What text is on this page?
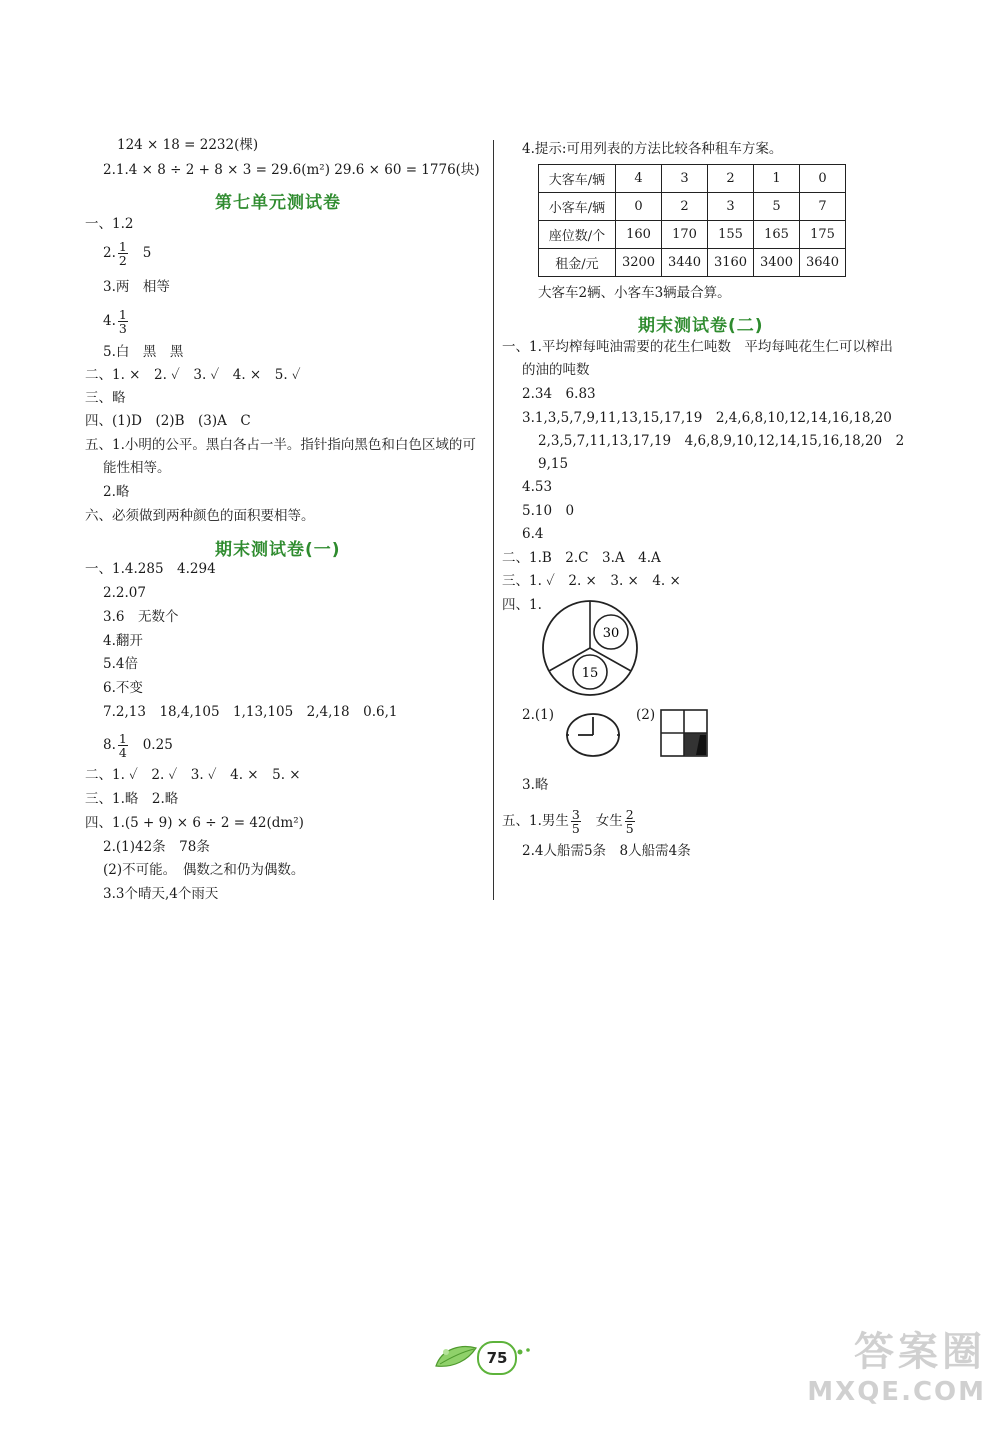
124 × 18 = 2232(棵)
2.1.4 × 8 ÷ 2 + 8 × 3 = 29.6(m²) 29.6 × 60 = 1776(块)
第七单元测试卷
一、1.2
2. $\frac{1}{2} 5$
3.两　相等
4. $\frac{1}{3}$
5.白　黑　黑
二、1. ×　2. ✓　3. ✓　4. ×　5. ✓
三、略
四、(1)D　(2)B　(3)A　C
五、1.小明的公平。黑白各占一半。指针指向黑色和白色区域的可
能性相等。
2.略
六、必须做到两种颜色的面积要相等。
期末测试卷(一)
一、1.4.285　4.294
2.2.07
3.6　无数个
4.翻开
5.4倍
6.不变
7.2,13　18,4,105　1,13,105　2,4,18　0.6,1
8. $\frac{1}{4} 0.25$
二、1. ✓　2. ✓　3. ✓　4. ×　5. ×
三、1.略　2.略
四、1.(5 + 9) × 6 ÷ 2 = 42(dm²)
2.(1)42条　78条
(2)不可能。　偶数之和仍为偶数。
3.3个晴天,4个雨天
4.提示:可用列表的方法比较各种租车方案。
大客车/辆	4	3	2	1	0
小客车/辆	0	2	3	5	7
座位数/个	160	170	155	165	175
租金/元	3200	3440	3160	3400	3640
大客车2辆、小客车3辆最合算。
期末测试卷(二)
一、1.平均榨每吨油需要的花生仁吨数　平均每吨花生仁可以榨出
的油的吨数
2.34　6.83
3.1,3,5,7,9,11,13,15,17,19　2,4,6,8,10,12,14,16,18,20
2,3,5,7,11,13,17,19　4,6,8,9,10,12,14,15,16,18,20　2
9,15
4.53
5.10　0
6.4
二、1.B　2.C　3.A　4.A
三、1. ✓　2. ×　3. ×　4. ×
四、1.
30
15
2.(1)	(2)
3.略
五、1.男生 $\frac{3}{5}$ 女生 $\frac{2}{5}$
2.4人船需5条　8人船需4条
75	答案圈
MXQE.COM
